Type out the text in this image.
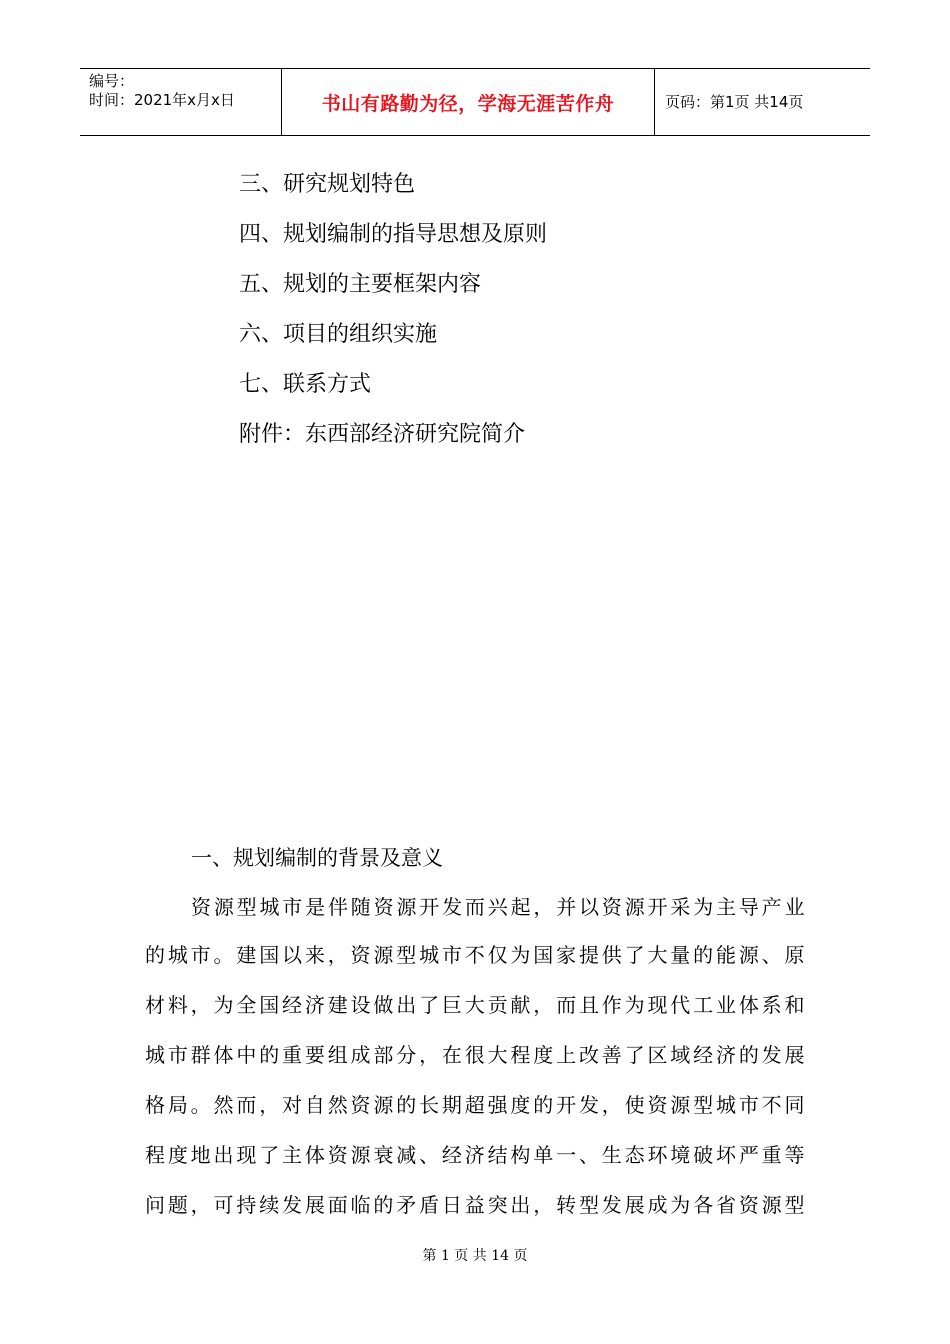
编号：
时间：2021年x月x日	书山有路勤为径，学海无涯苦作舟	页码：第1页 共14页
三、研究规划特色
四、规划编制的指导思想及原则
五、规划的主要框架内容
六、项目的组织实施
七、联系方式
附件：东西部经济研究院简介
一、规划编制的背景及意义
资源型城市是伴随资源开发而兴起，并以资源开采为主导产业
的城市。建国以来，资源型城市不仅为国家提供了大量的能源、原
材料，为全国经济建设做出了巨大贡献，而且作为现代工业体系和
城市群体中的重要组成部分，在很大程度上改善了区域经济的发展
格局。然而，对自然资源的长期超强度的开发，使资源型城市不同
程度地出现了主体资源衰减、经济结构单一、生态环境破坏严重等
问题，可持续发展面临的矛盾日益突出，转型发展成为各省资源型
第 1 页 共 14 页
